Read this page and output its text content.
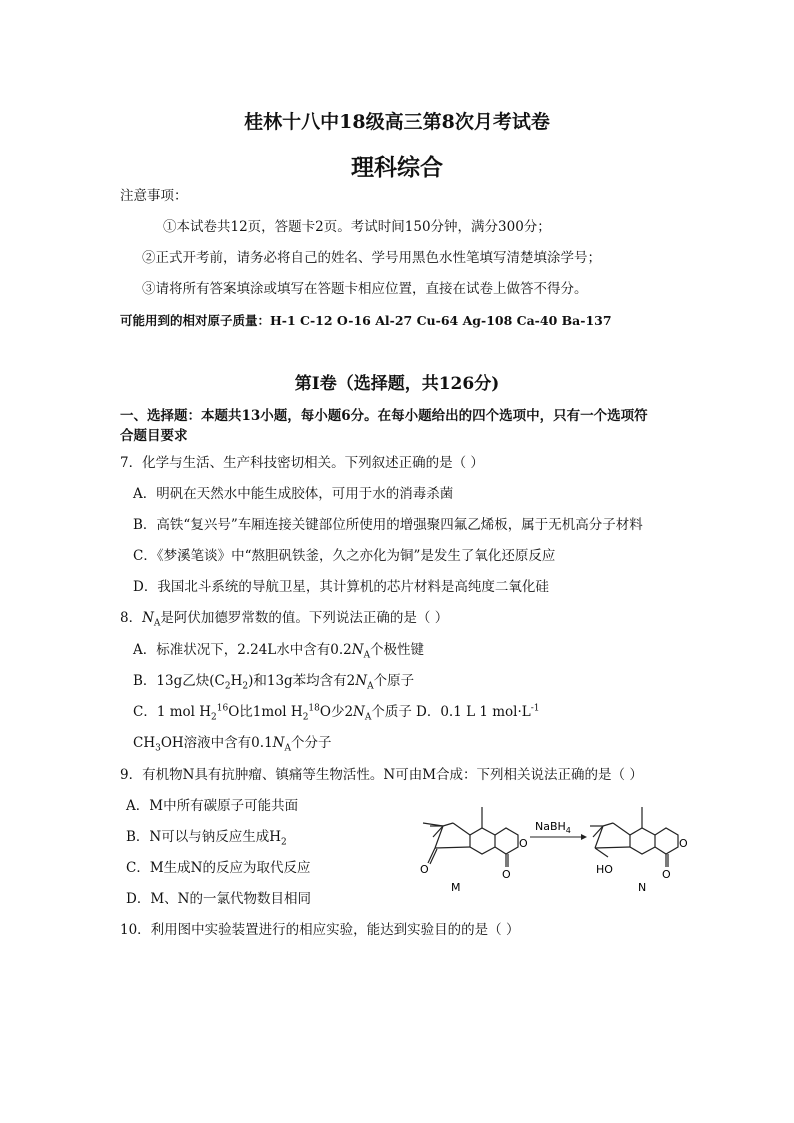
桂林十八中18级高三第8次月考试卷
理科综合
注意事项：
①本试卷共12页，答题卡2页。考试时间150分钟，满分300分；
②正式开考前，请务必将自己的姓名、学号用黑色水性笔填写清楚填涂学号；
③请将所有答案填涂或填写在答题卡相应位置，直接在试卷上做答不得分。
可能用到的相对原子质量：H-1 C-12 O-16 Al-27 Cu-64 Ag-108 Ca-40 Ba-137
第I卷（选择题，共126分)
一、选择题：本题共13小题，每小题6分。在每小题给出的四个选项中，只有一个选项符
合题目要求
7．化学与生活、生产科技密切相关。下列叙述正确的是（ ）
A．明矾在天然水中能生成胶体，可用于水的消毒杀菌
B．高铁“复兴号”车厢连接关键部位所使用的增强聚四氟乙烯板，属于无机高分子材料
C．《梦溪笔谈》中“熬胆矾铁釜，久之亦化为铜”是发生了氧化还原反应
D．我国北斗系统的导航卫星，其计算机的芯片材料是高纯度二氧化硅
8．$N_A$是阿伏加德罗常数的值。下列说法正确的是（ ）
A．标准状况下，2.24L水中含有$0.2N_A$个极性键
B．13g乙炔$(C_2H_2)$和13g苯均含有$2N_A$个原子
C．1 mol $H_2^{16}O$比1mol $H_2^{18}O$少$2N_A$个质子 D．0.1 L 1 $mol\cdot L^{-1}$
$CH_3OH$溶液中含有$0.1N_A$个分子
9．有机物N具有抗肿瘤、镇痛等生物活性。N可由M合成：下列相关说法正确的是（ ）
A．M中所有碳原子可能共面
B．N可以与钠反应生成$H_2$
C．M生成N的反应为取代反应
D．M、N的一氯代物数目相同
O	O
O
M
NaBH$_4$
HO	O
O
N
10．利用图中实验装置进行的相应实验，能达到实验目的的是（ ）
